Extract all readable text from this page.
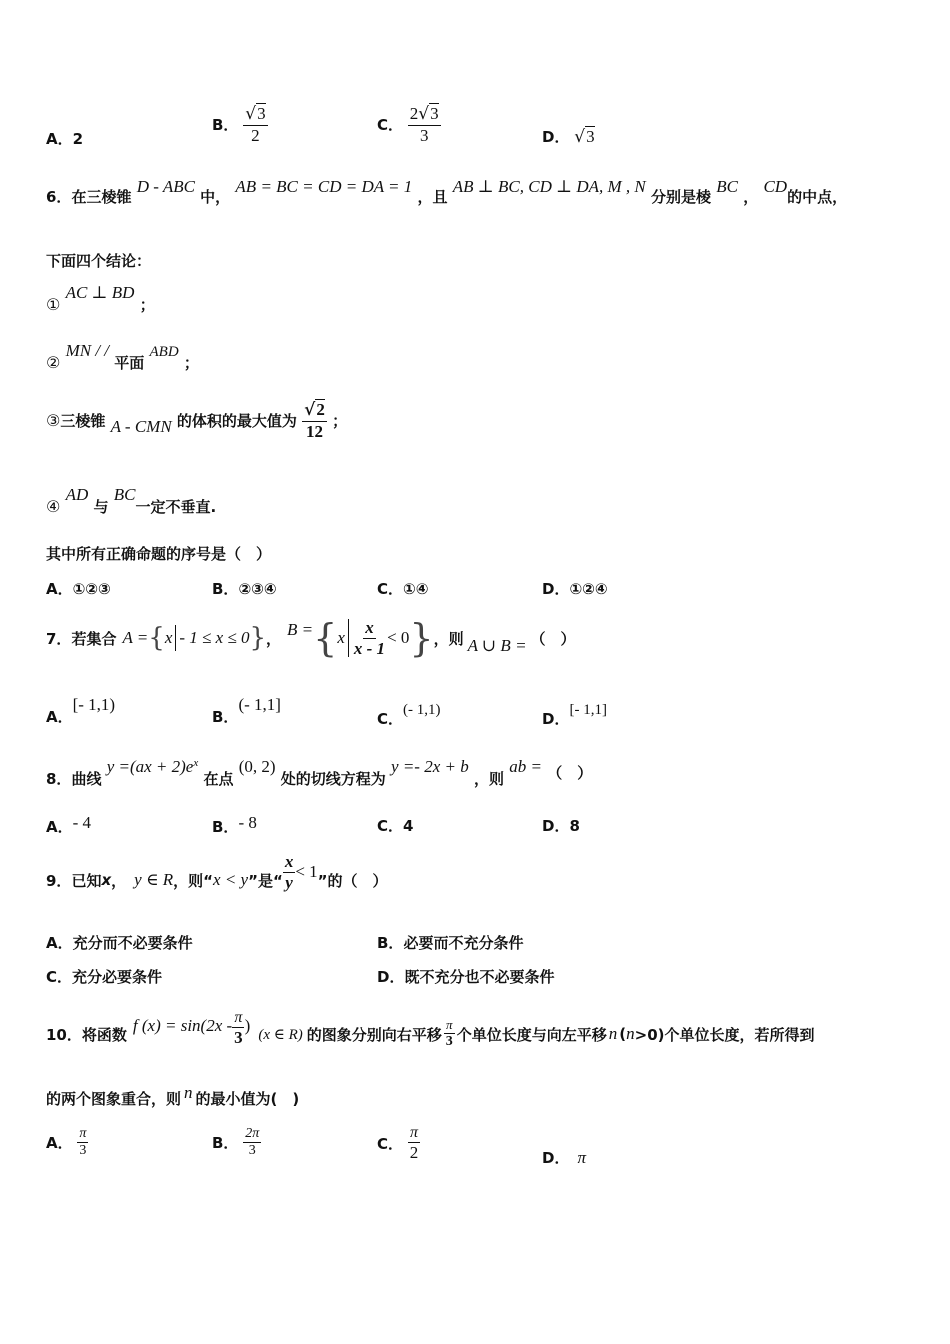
A．2
B． $\frac{√3}{2}$	C． $\frac{2√3}{3}$	D． √3
6．在三棱锥 D - ABC 中， AB = BC = CD = DA = 1 ，且 AB ⊥ BC, CD ⊥ DA, M , N 分别是棱 BC ， CD的中点，
下面四个结论：
① AC ⊥ BD ；
② MN / / 平面 ABD ；
③三棱锥 A - CMN 的体积的最大值为 $\frac{√2}{12}$ ；
④ AD 与 BC一定不垂直.
其中所有正确命题的序号是（　）
A．①②③	B．②③④	C．①④	D．①②④
7． 若集合 A = { x - 1 ≤ x ≤ 0 } ， B = { x $\frac{x}{x - 1} < 0$ } ，则 A ∪ B = （　）
A．[- 1,1)
B．(- 1,1]
C．(- 1,1)	D．[- 1,1]
8．曲线 $y =(ax + 2)e^x$ 在点 (0, 2) 处的切线方程为 y =- 2x + b ，则 ab = （　）
A．- 4	B．- 8	C．4	D．8
9． 已知 x ， y ∈ R ，则“ x < y ”是“ $\frac{x}{y} < 1$ ”的（　）
A．充分而不必要条件	B．必要而不充分条件
C．充分必要条件	D．既不充分也不必要条件
10． 将函数 f $(x) = \sin(2x - \frac{\pi}{3}$ ) (x ∈ R) 的图象分别向右平移 $\frac{\pi}{3}$ 个单位长度与向左平移 n ( n >0)个单位长度，若所得到
的两个图象重合，则 n 的最小值为(　)
A． $\frac{\pi}{3}$	B． $\frac{2\pi}{3}$	C． $\frac{\pi}{2}$	D． π
